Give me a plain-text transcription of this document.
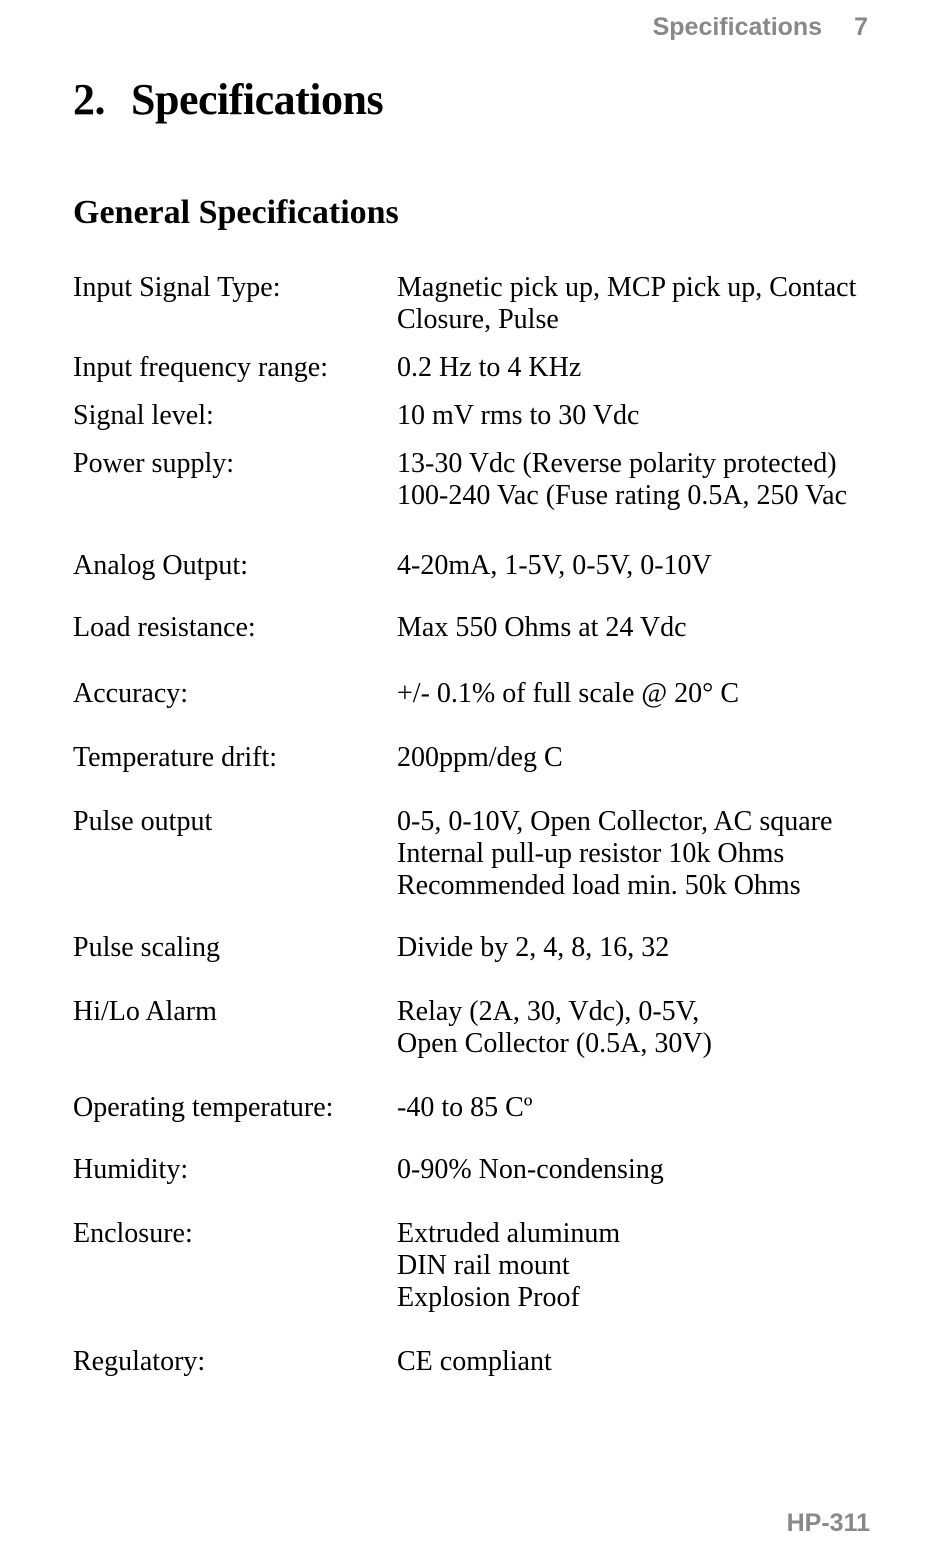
Specifications 7
2. Specifications
General Specifications
Input Signal Type:	Magnetic pick up, MCP pick up, Contact
Closure, Pulse
Input frequency range:	0.2 Hz to 4 KHz
Signal level:	10 mV rms to 30 Vdc
Power supply:	13-30 Vdc (Reverse polarity protected)
100-240 Vac (Fuse rating 0.5A, 250 Vac
Analog Output:	4-20mA, 1-5V, 0-5V, 0-10V
Load resistance:	Max 550 Ohms at 24 Vdc
Accuracy:	+/- 0.1% of full scale @ 20° C
Temperature drift:	200ppm/deg C
Pulse output	0-5, 0-10V, Open Collector, AC square
Internal pull-up resistor 10k Ohms
Recommended load min. 50k Ohms
Pulse scaling	Divide by 2, 4, 8, 16, 32
Hi/Lo Alarm	Relay (2A, 30, Vdc), 0-5V,
Open Collector (0.5A, 30V)
Operating temperature:	-40 to 85 Cº
Humidity:	0-90% Non-condensing
Enclosure:	Extruded aluminum
DIN rail mount
Explosion Proof
Regulatory:	CE compliant
HP-311
